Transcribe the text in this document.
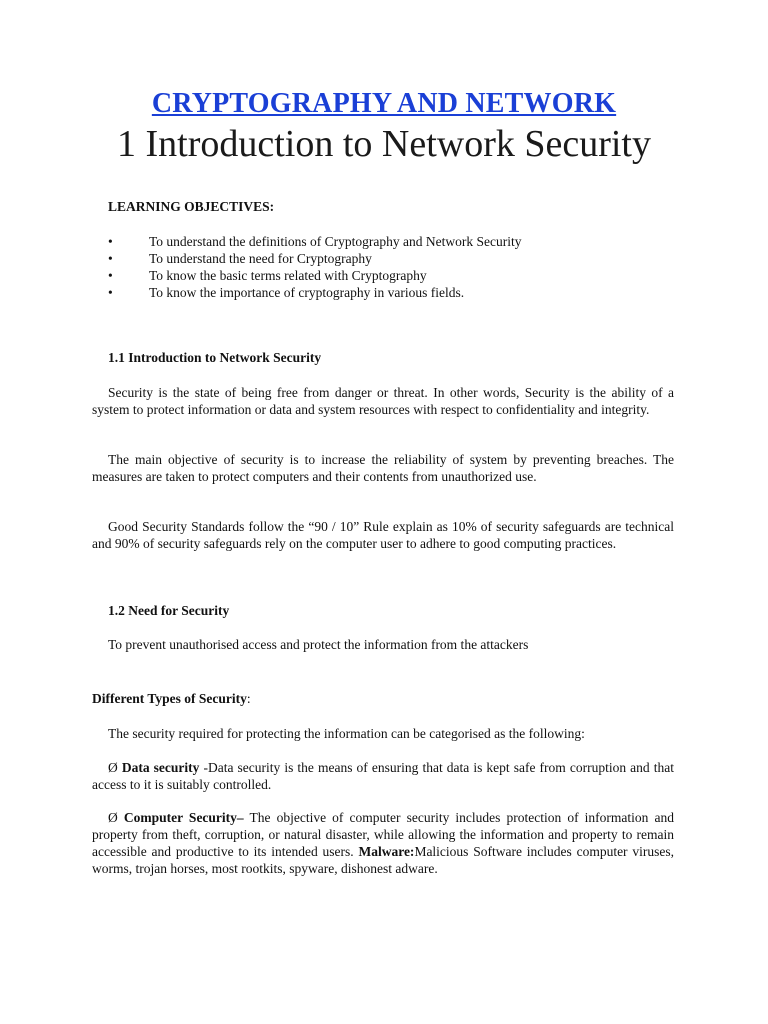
CRYPTOGRAPHY AND NETWORK
1 Introduction to Network Security
LEARNING OBJECTIVES:
•	To understand the definitions of Cryptography and Network Security
•	To understand the need for Cryptography
•	To know the basic terms related with Cryptography
•	To know the importance of cryptography in various fields.
1.1 Introduction to Network Security

Security is the state of being free from danger or threat. In other words, Security is the ability of a system to protect information or data and system resources with respect to confidentiality and integrity.

The main objective of security is to increase the reliability of system by preventing breaches. The measures are taken to protect computers and their contents from unauthorized use.

Good Security Standards follow the “90 / 10” Rule explain as 10% of security safeguards are technical and 90% of security safeguards rely on the computer user to adhere to good computing practices.

1.2 Need for Security

To prevent unauthorised access and protect the information from the attackers

Different Types of Security:

The security required for protecting the information can be categorised as the following:

Ø Data security -Data security is the means of ensuring that data is kept safe from corruption and that access to it is suitably controlled.

Ø Computer Security– The objective of computer security includes protection of information and property from theft, corruption, or natural disaster, while allowing the information and property to remain accessible and productive to its intended users. Malware:Malicious Software includes computer viruses, worms, trojan horses, most rootkits, spyware, dishonest adware.
